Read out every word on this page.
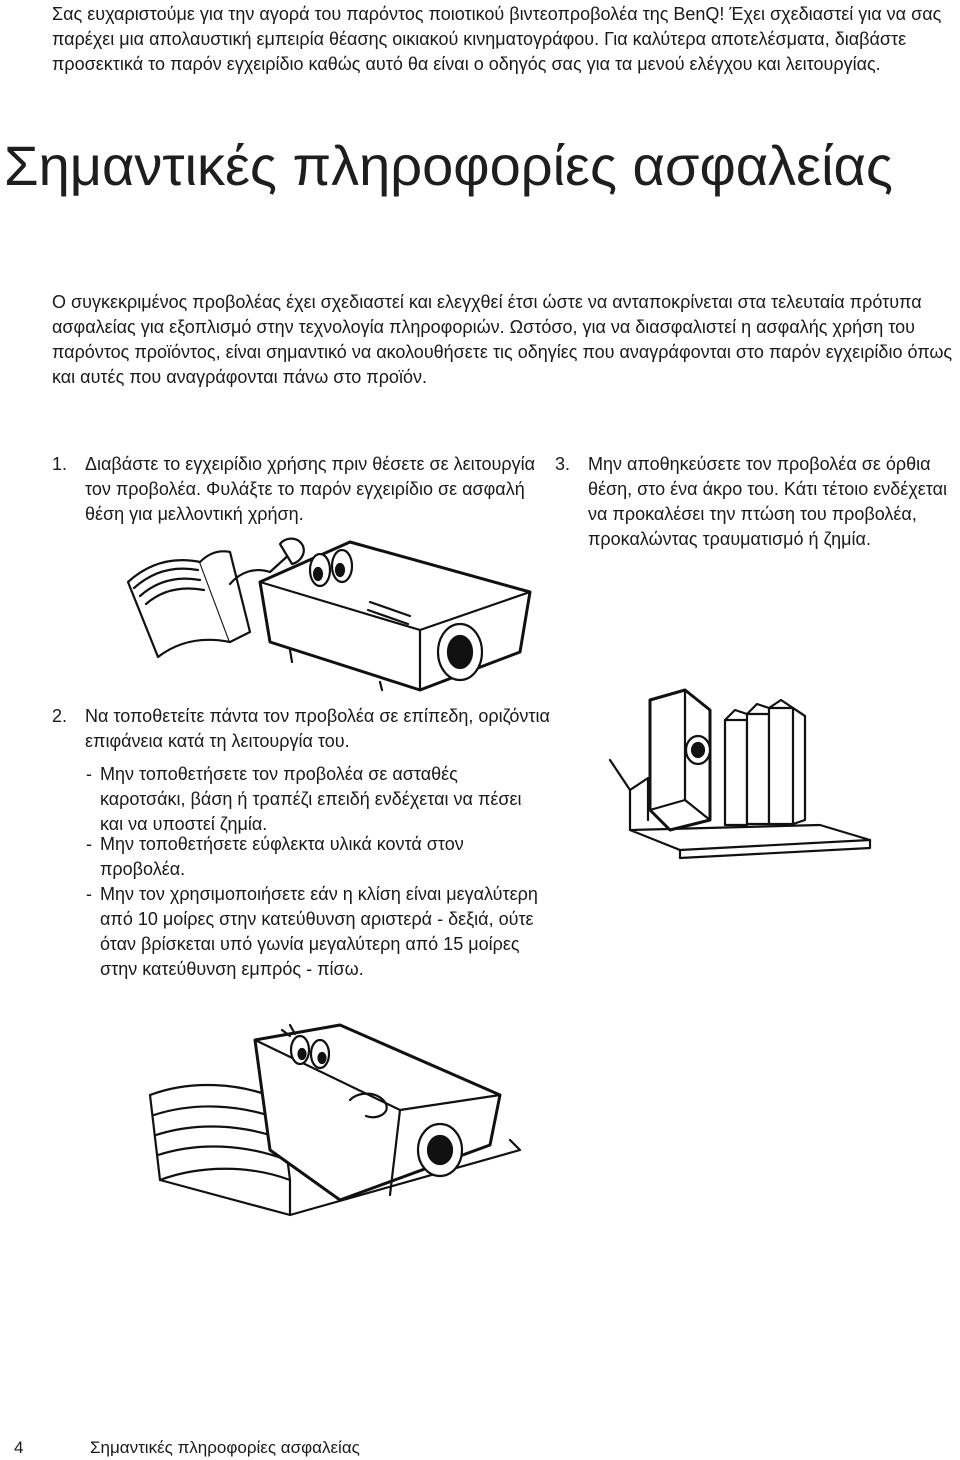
Σας ευχαριστούμε για την αγορά του παρόντος ποιοτικού βιντεοπροβολέα της BenQ! Έχει σχεδιαστεί για να σας παρέχει μια απολαυστική εμπειρία θέασης οικιακού κινηματογράφου. Για καλύτερα αποτελέσματα, διαβάστε προσεκτικά το παρόν εγχειρίδιο καθώς αυτό θα είναι ο οδηγός σας για τα μενού ελέγχου και λειτουργίας.

Σημαντικές πληροφορίες ασφαλείας

Ο συγκεκριμένος προβολέας έχει σχεδιαστεί και ελεγχθεί έτσι ώστε να ανταποκρίνεται στα τελευταία πρότυπα ασφαλείας για εξοπλισμό στην τεχνολογία πληροφοριών. Ωστόσο, για να διασφαλιστεί η ασφαλής χρήση του παρόντος προϊόντος, είναι σημαντικό να ακολουθήσετε τις οδηγίες που αναγράφονται στο παρόν εγχειρίδιο όπως και αυτές που αναγράφονται πάνω στο προϊόν.

1. Διαβάστε το εγχειρίδιο χρήσης πριν θέσετε σε λειτουργία τον προβολέα. Φυλάξτε το παρόν εγχειρίδιο σε ασφαλή θέση για μελλοντική χρήση.
3. Μην αποθηκεύσετε τον προβολέα σε όρθια θέση, στο ένα άκρο του. Κάτι τέτοιο ενδέχεται να προκαλέσει την πτώση του προβολέα, προκαλώντας τραυματισμό ή ζημία.
2. Να τοποθετείτε πάντα τον προβολέα σε επίπεδη, οριζόντια επιφάνεια κατά τη λειτουργία του.
- Μην τοποθετήσετε τον προβολέα σε ασταθές καροτσάκι, βάση ή τραπέζι επειδή ενδέχεται να πέσει και να υποστεί ζημία.
- Μην τοποθετήσετε εύφλεκτα υλικά κοντά στον προβολέα.
- Μην τον χρησιμοποιήσετε εάν η κλίση είναι μεγαλύτερη από 10 μοίρες στην κατεύθυνση αριστερά - δεξιά, ούτε όταν βρίσκεται υπό γωνία μεγαλύτερη από 15 μοίρες στην κατεύθυνση εμπρός - πίσω.
4	Σημαντικές πληροφορίες ασφαλείας
